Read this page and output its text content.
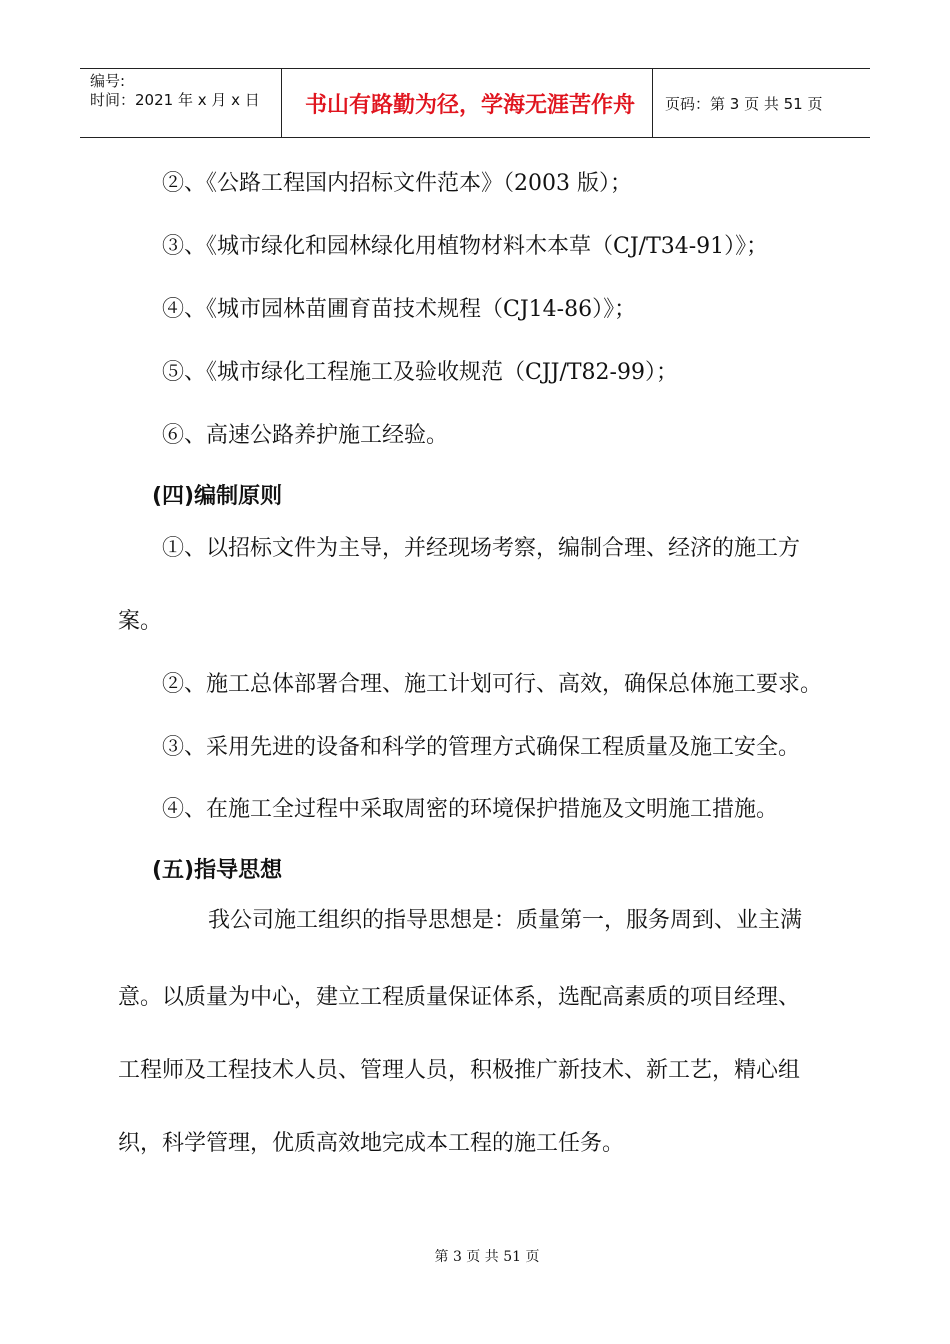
编号:
时间：2021 年 x 月 x 日 书山有路勤为径，学海无涯苦作舟 页码：第 3 页 共 51 页
②、《公路工程国内招标文件范本》（2003 版）；
③、《城市绿化和园林绿化用植物材料木本草（CJ/T34-91）》；
④、《城市园林苗圃育苗技术规程（CJ14-86）》；
⑤、《城市绿化工程施工及验收规范（CJJ/T82-99）；
⑥、高速公路养护施工经验。
(四)编制原则
①、以招标文件为主导，并经现场考察，编制合理、经济的施工方
案。
②、施工总体部署合理、施工计划可行、高效，确保总体施工要求。
③、采用先进的设备和科学的管理方式确保工程质量及施工安全。
④、在施工全过程中采取周密的环境保护措施及文明施工措施。
(五)指导思想
我公司施工组织的指导思想是：质量第一，服务周到、业主满
意。以质量为中心，建立工程质量保证体系，选配高素质的项目经理、
工程师及工程技术人员、管理人员，积极推广新技术、新工艺，精心组
织，科学管理，优质高效地完成本工程的施工任务。
第 3 页 共 51 页
